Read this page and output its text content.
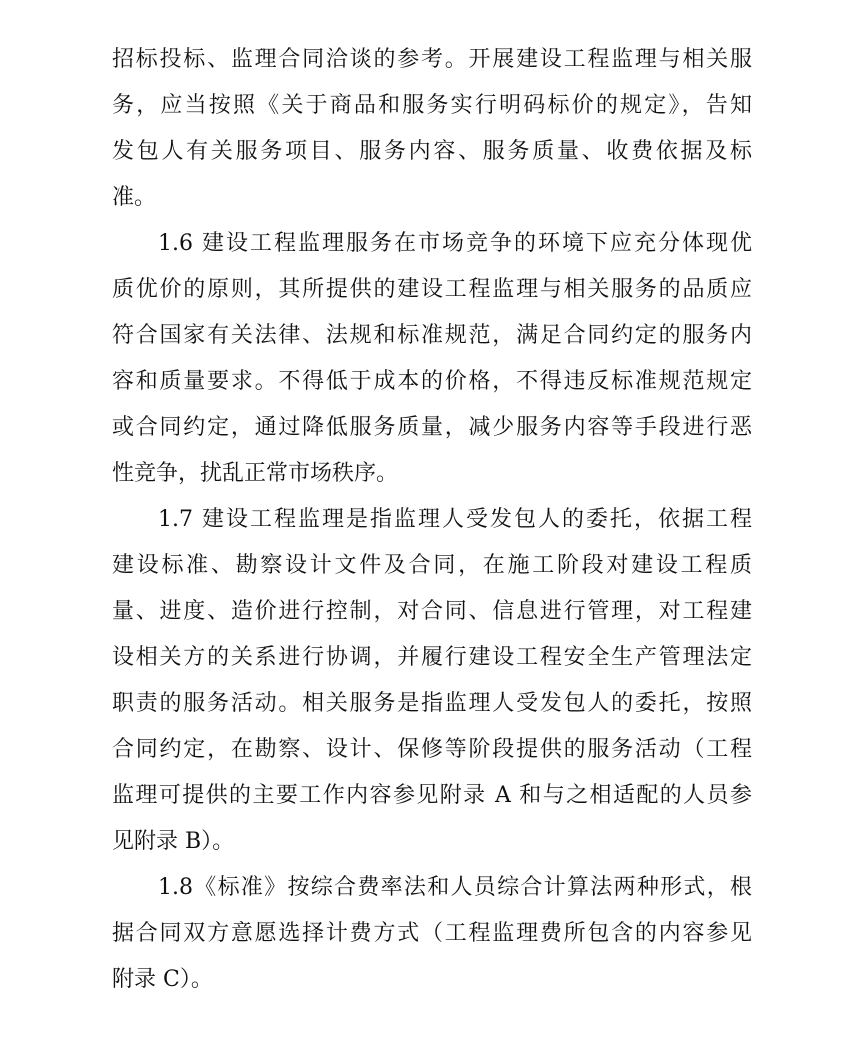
招标投标、监理合同洽谈的参考。开展建设工程监理与相关服
务，应当按照《关于商品和服务实行明码标价的规定》，告知
发包人有关服务项目、服务内容、服务质量、收费依据及标
准。
1.6 建设工程监理服务在市场竞争的环境下应充分体现优
质优价的原则，其所提供的建设工程监理与相关服务的品质应
符合国家有关法律、法规和标准规范，满足合同约定的服务内
容和质量要求。不得低于成本的价格，不得违反标准规范规定
或合同约定，通过降低服务质量，减少服务内容等手段进行恶
性竞争，扰乱正常市场秩序。
1.7 建设工程监理是指监理人受发包人的委托，依据工程
建设标准、勘察设计文件及合同，在施工阶段对建设工程质
量、进度、造价进行控制，对合同、信息进行管理，对工程建
设相关方的关系进行协调，并履行建设工程安全生产管理法定
职责的服务活动。相关服务是指监理人受发包人的委托，按照
合同约定，在勘察、设计、保修等阶段提供的服务活动（工程
监理可提供的主要工作内容参见附录 A 和与之相适配的人员参
见附录 B）。
1.8《标准》按综合费率法和人员综合计算法两种形式，根
据合同双方意愿选择计费方式（工程监理费所包含的内容参见
附录 C）。
